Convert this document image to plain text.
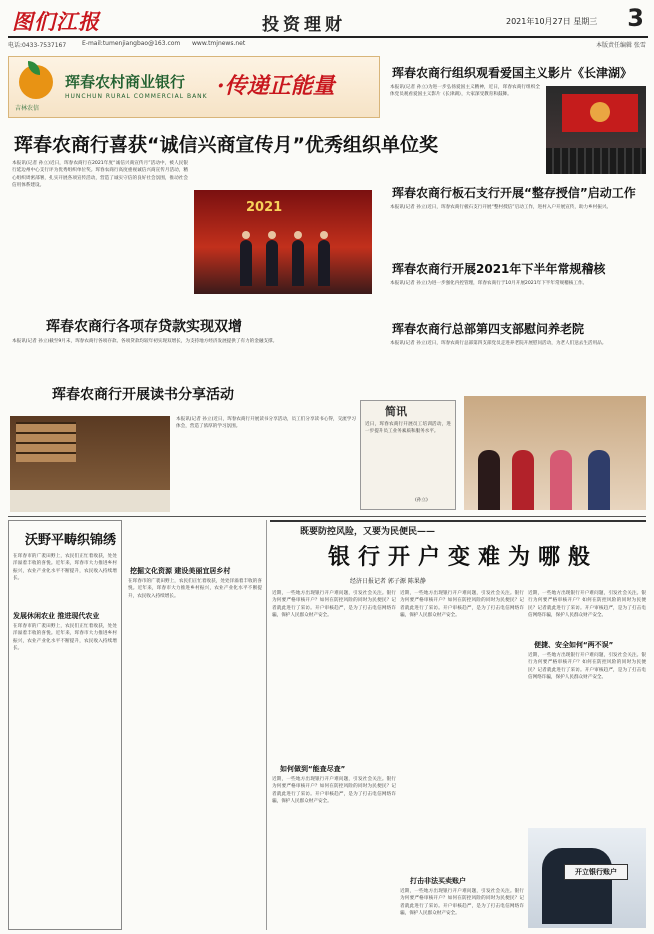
图们江报	投资理财	2021年10月27日 星期三 3
电话:0433-7537167	E-mail:tumenjiangbao@163.com www.tmjnews.net	本版责任编辑 张雪
吉林农信
珲春农村商业银行
HUNCHUN RURAL COMMERCIAL BANK ·传递正能量
珲春农商行喜获“诚信兴商宣传月”优秀组织单位奖
本报讯(记者 孙立)近日，珲春农商行在2021年度“诚信兴商宣传月”活动中，被人民银行延边州中心支行评为优秀组织单位奖。珲春农商行高度重视诚信兴商宣传月活动，精心组织周密部署，扎实开展各项宣传活动，营造了诚实守信的良好社会氛围，推动社会信用体系建设。
2021
珲春农商行各项存贷款实现双增
本报讯(记者 孙立)截至9月末，珲春农商行各项存款、各项贷款均较年初实现双增长，为支持地方经济发展提供了有力的金融支撑。
珲春农商行开展读书分享活动
本报讯(记者 孙立)近日，珲春农商行开展读书分享活动，员工们分享读书心得，交流学习体会，营造了浓厚的学习氛围。
珲春农商行组织观看爱国主义影片《长津湖》
本报讯(记者 孙立)为进一步弘扬爱国主义精神，近日，珲春农商行组织全体党员观看爱国主义影片《长津湖》，大家深受教育和鼓舞。
珲春农商行板石支行开展“整存授信”启动工作
本报讯(记者 孙立)近日，珲春农商行板石支行开展“整村授信”启动工作，进村入户开展宣传，助力乡村振兴。
珲春农商行开展2021年下半年常规稽核
本报讯(记者 孙立)为进一步强化内控管理，珲春农商行于10月开展2021年下半年常规稽核工作。
珲春农商行总部第四支部慰问养老院
本报讯(记者 孙立)近日，珲春农商行总部第四支部党员走进养老院开展慰问活动，为老人们送去生活用品。
简讯
近日，珲春农商行开展员工培训活动，进一步提升员工业务素质和服务水平。
(孙立)
沃野平畴织锦绣
在珲春市的广袤田野上，农民们正忙着收获，处处洋溢着丰收的喜悦。近年来，珲春市大力推进乡村振兴，农业产业化水平不断提升，农民收入持续增长。
发展休闲农业 推进现代农业
在珲春市的广袤田野上，农民们正忙着收获，处处洋溢着丰收的喜悦。近年来，珲春市大力推进乡村振兴，农业产业化水平不断提升，农民收入持续增长。
挖掘文化资源 建设美丽宜居乡村
在珲春市的广袤田野上，农民们正忙着收获，处处洋溢着丰收的喜悦。近年来，珲春市大力推进乡村振兴，农业产业化水平不断提升，农民收入持续增长。
既要防控风险，又要为民便民——
银行开户变难为哪般
经济日报记者 郭子源 陈果静
近期，一些地方出现银行开户难问题，引发社会关注。银行为何要严格审核开户？如何在防控风险的同时为民便民？记者就此进行了采访。开户审核趋严，是为了打击电信网络诈骗，保护人民群众财产安全。
如何做到“能查尽查”
近期，一些地方出现银行开户难问题，引发社会关注。银行为何要严格审核开户？如何在防控风险的同时为民便民？记者就此进行了采访。开户审核趋严，是为了打击电信网络诈骗，保护人民群众财产安全。
近期，一些地方出现银行开户难问题，引发社会关注。银行为何要严格审核开户？如何在防控风险的同时为民便民？记者就此进行了采访。开户审核趋严，是为了打击电信网络诈骗，保护人民群众财产安全。
打击非法买卖账户
近期，一些地方出现银行开户难问题，引发社会关注。银行为何要严格审核开户？如何在防控风险的同时为民便民？记者就此进行了采访。开户审核趋严，是为了打击电信网络诈骗，保护人民群众财产安全。
便捷、安全如何“两不误”
近期，一些地方出现银行开户难问题，引发社会关注。银行为何要严格审核开户？如何在防控风险的同时为民便民？记者就此进行了采访。开户审核趋严，是为了打击电信网络诈骗，保护人民群众财产安全。
近期，一些地方出现银行开户难问题，引发社会关注。银行为何要严格审核开户？如何在防控风险的同时为民便民？记者就此进行了采访。开户审核趋严，是为了打击电信网络诈骗，保护人民群众财产安全。
开立银行账户
